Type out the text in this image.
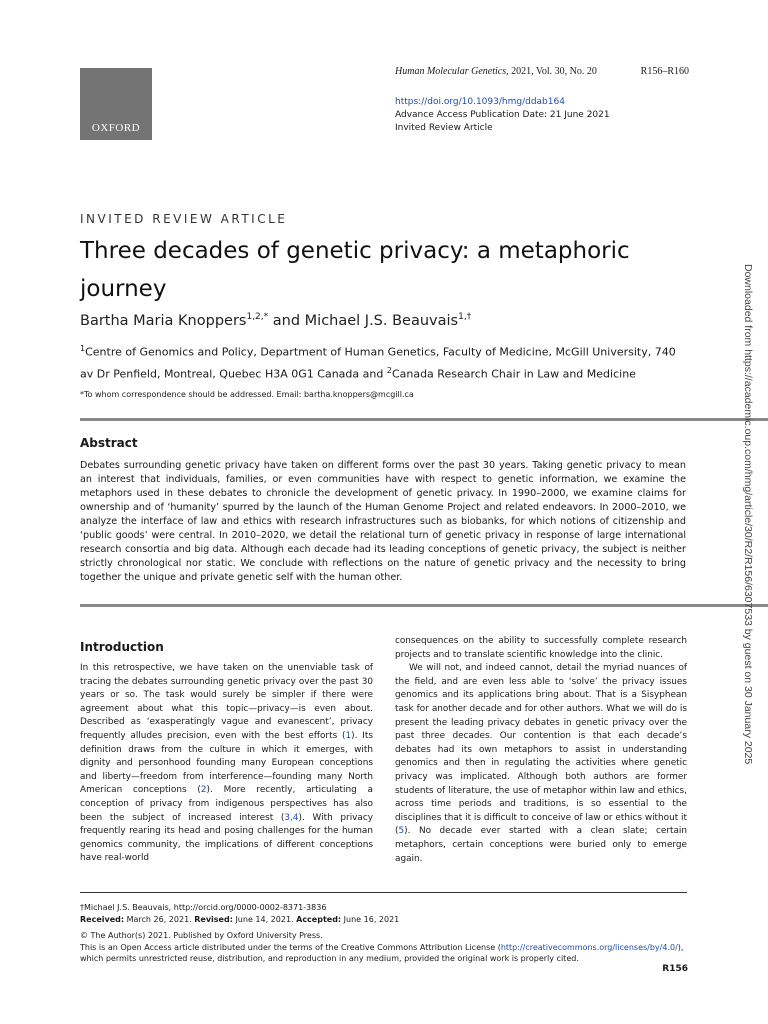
OXFORD
Human Molecular Genetics, 2021, Vol. 30, No. 20	R156–R160
https://doi.org/10.1093/hmg/ddab164
Advance Access Publication Date: 21 June 2021
Invited Review Article
INVITED REVIEW ARTICLE
Three decades of genetic privacy: a metaphoric journey
Bartha Maria Knoppers$^{1,2,*}$ and Michael J.S. Beauvais$^{1,\dagger}$
$^1$Centre of Genomics and Policy, Department of Human Genetics, Faculty of Medicine, McGill University, 740 av Dr Penfield, Montreal, Quebec H3A 0G1 Canada and $^2$Canada Research Chair in Law and Medicine
*To whom correspondence should be addressed. Email: bartha.knoppers@mcgill.ca
Abstract

Debates surrounding genetic privacy have taken on different forms over the past 30 years. Taking genetic privacy to mean an interest that individuals, families, or even communities have with respect to genetic information, we examine the metaphors used in these debates to chronicle the development of genetic privacy. In 1990–2000, we examine claims for ownership and of ‘humanity’ spurred by the launch of the Human Genome Project and related endeavors. In 2000–2010, we analyze the interface of law and ethics with research infrastructures such as biobanks, for which notions of citizenship and ‘public goods’ were central. In 2010–2020, we detail the relational turn of genetic privacy in response of large international research consortia and big data. Although each decade had its leading conceptions of genetic privacy, the subject is neither strictly chronological nor static. We conclude with reflections on the nature of genetic privacy and the necessity to bring together the unique and private genetic self with the human other.

Introduction

In this retrospective, we have taken on the unenviable task of tracing the debates surrounding genetic privacy over the past 30 years or so. The task would surely be simpler if there were agreement about what this topic—privacy—is even about. Described as ‘exasperatingly vague and evanescent’, privacy frequently alludes precision, even with the best efforts (1). Its definition draws from the culture in which it emerges, with dignity and personhood founding many European conceptions and liberty—freedom from interference—founding many North American conceptions (2). More recently, articulating a conception of privacy from indigenous perspectives has also been the subject of increased interest (3,4). With privacy frequently rearing its head and posing challenges for the human genomics community, the implications of different conceptions have real-world

consequences on the ability to successfully complete research projects and to translate scientific knowledge into the clinic.

We will not, and indeed cannot, detail the myriad nuances of the field, and are even less able to ‘solve’ the privacy issues genomics and its applications bring about. That is a Sisyphean task for another decade and for other authors. What we will do is present the leading privacy debates in genetic privacy over the past three decades. Our contention is that each decade’s debates had its own metaphors to assist in understanding genomics and then in regulating the activities where genetic privacy was implicated. Although both authors are former students of literature, the use of metaphor within law and ethics, across time periods and traditions, is so essential to the disciplines that it is difficult to conceive of law or ethics without it (5). No decade ever started with a clean slate; certain metaphors, certain conceptions were buried only to emerge again.

†Michael J.S. Beauvais, http://orcid.org/0000-0002-8371-3836
Received: March 26, 2021. Revised: June 14, 2021. Accepted: June 16, 2021
© The Author(s) 2021. Published by Oxford University Press.
This is an Open Access article distributed under the terms of the Creative Commons Attribution License (http://creativecommons.org/licenses/by/4.0/), which permits unrestricted reuse, distribution, and reproduction in any medium, provided the original work is properly cited.
R156
Downloaded from https://academic.oup.com/hmg/article/30/R2/R156/6307533 by guest on 30 January 2025
